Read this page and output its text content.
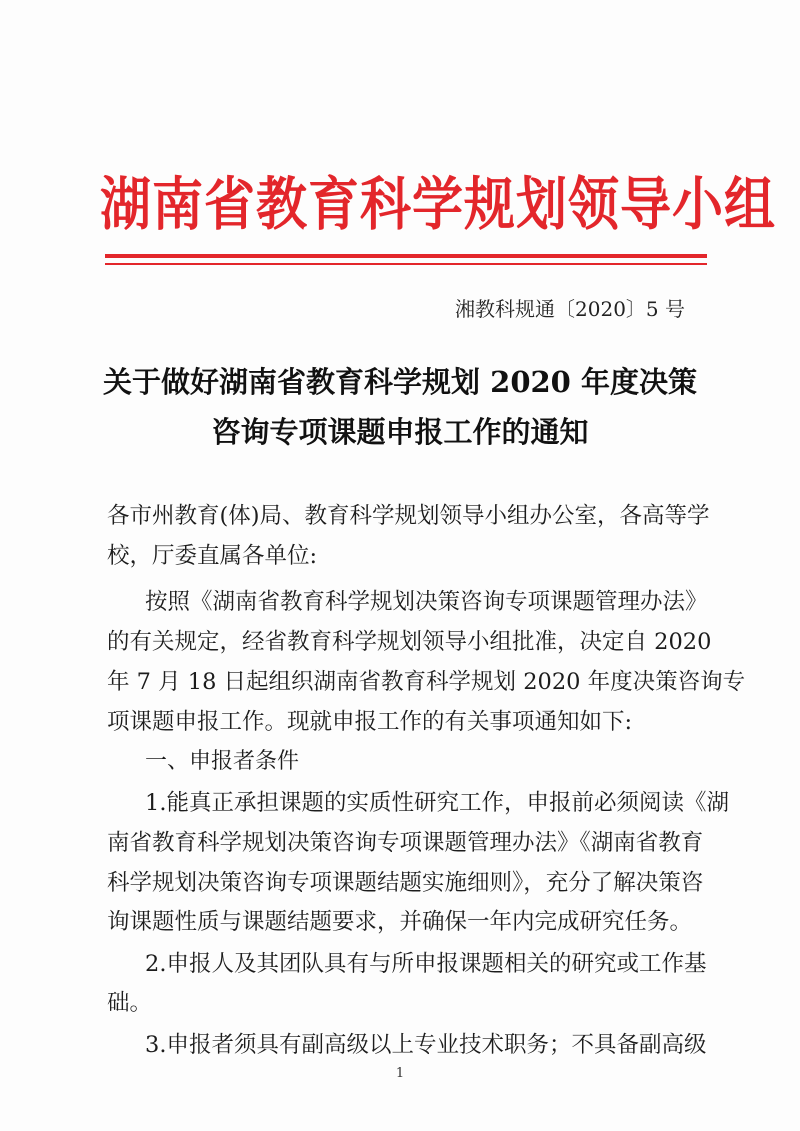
湖南省教育科学规划领导小组
湘教科规通〔2020〕5 号
关于做好湖南省教育科学规划 2020 年度决策
咨询专项课题申报工作的通知
各市州教育(体)局、教育科学规划领导小组办公室，各高等学
校，厅委直属各单位:
按照《湖南省教育科学规划决策咨询专项课题管理办法》
的有关规定，经省教育科学规划领导小组批准，决定自 2020
年 7 月 18 日起组织湖南省教育科学规划 2020 年度决策咨询专
项课题申报工作。现就申报工作的有关事项通知如下:
一、申报者条件
1.能真正承担课题的实质性研究工作，申报前必须阅读《湖
南省教育科学规划决策咨询专项课题管理办法》《湖南省教育
科学规划决策咨询专项课题结题实施细则》，充分了解决策咨
询课题性质与课题结题要求，并确保一年内完成研究任务。
2.申报人及其团队具有与所申报课题相关的研究或工作基
础。
3.申报者须具有副高级以上专业技术职务；不具备副高级
1
